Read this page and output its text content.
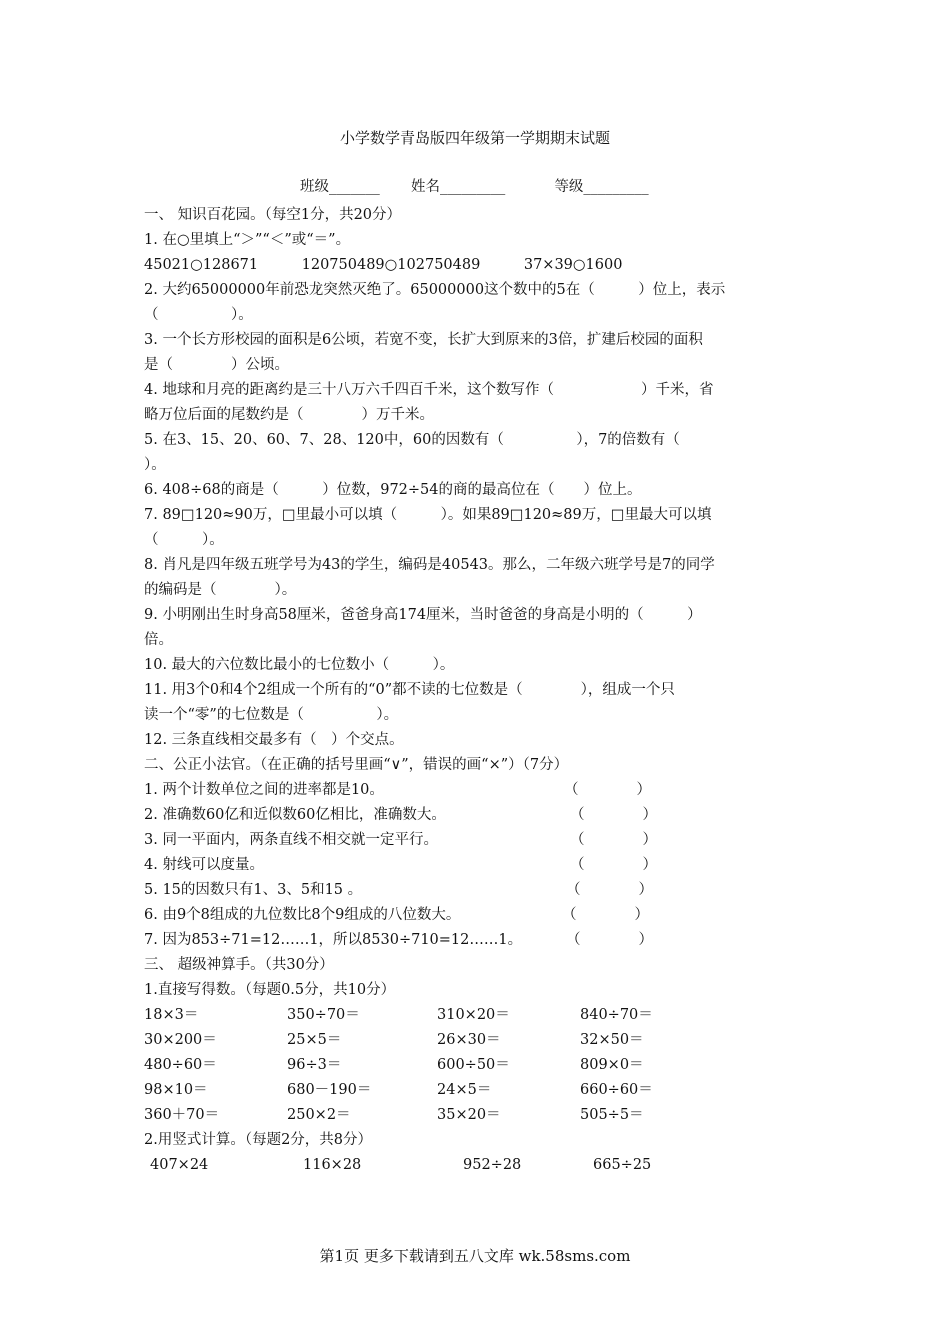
小学数学青岛版四年级第一学期期末试题
班级_______ 姓名_________	等级_________
一、 知识百花园。（每空1分，共20分）
1. 在○里填上“＞”“＜”或“＝”。
45021○128671　　　120750489○102750489　　　37×39○1600
2. 大约65000000年前恐龙突然灭绝了。65000000这个数中的5在（　　　）位上，表示
（　　　　　）。
3. 一个长方形校园的面积是6公顷，若宽不变，长扩大到原来的3倍，扩建后校园的面积
是（　　　　）公顷。
4. 地球和月亮的距离约是三十八万六千四百千米，这个数写作（　　　　　　）千米，省
略万位后面的尾数约是（　　　　）万千米。
5. 在3、15、20、60、7、28、120中，60的因数有（　　　　　），7的倍数有（
）。
6. 408÷68的商是（　　　）位数，972÷54的商的最高位在（　　）位上。
7. 89□120≈90万，□里最小可以填（　　　）。如果89□120≈89万，□里最大可以填
（　　　）。
8. 肖凡是四年级五班学号为43的学生，编码是40543。那么，二年级六班学号是7的同学
的编码是（　　　　）。
9. 小明刚出生时身高58厘米，爸爸身高174厘米，当时爸爸的身高是小明的（　　　）
倍。
10. 最大的六位数比最小的七位数小（　　　）。
11. 用3个0和4个2组成一个所有的“0”都不读的七位数是（　　　　），组成一个只
读一个“零”的七位数是（　　　　　）。
12. 三条直线相交最多有（　）个交点。
二、公正小法官。（在正确的括号里画“∨”，错误的画“×”）（7分）
1. 两个计数单位之间的进率都是10。	（　　　　）
2. 准确数60亿和近似数60亿相比，准确数大。	（　　　　）
3. 同一平面内，两条直线不相交就一定平行。	（　　　　）
4. 射线可以度量。	（　　　　）
5. 15的因数只有1、3、5和15 。	（　　　　）
6. 由9个8组成的九位数比8个9组成的八位数大。	（　　　　）
7. 因为853÷71=12……1，所以8530÷710=12……1。	（　　　　）
三、 超级神算手。（共30分）
1.直接写得数。（每题0.5分，共10分）
18×3＝	350÷70＝	310×20＝	840÷70＝
30×200＝	25×5＝	26×30＝	32×50＝
480÷60＝	96÷3＝	600÷50＝	809×0＝
98×10＝	680－190＝	24×5＝	660÷60＝
360＋70＝	250×2＝	35×20＝	505÷5＝
2.用竖式计算。（每题2分，共8分）
407×24	116×28	952÷28	665÷25
第1页 更多下载请到五八文库 wk.58sms.com
